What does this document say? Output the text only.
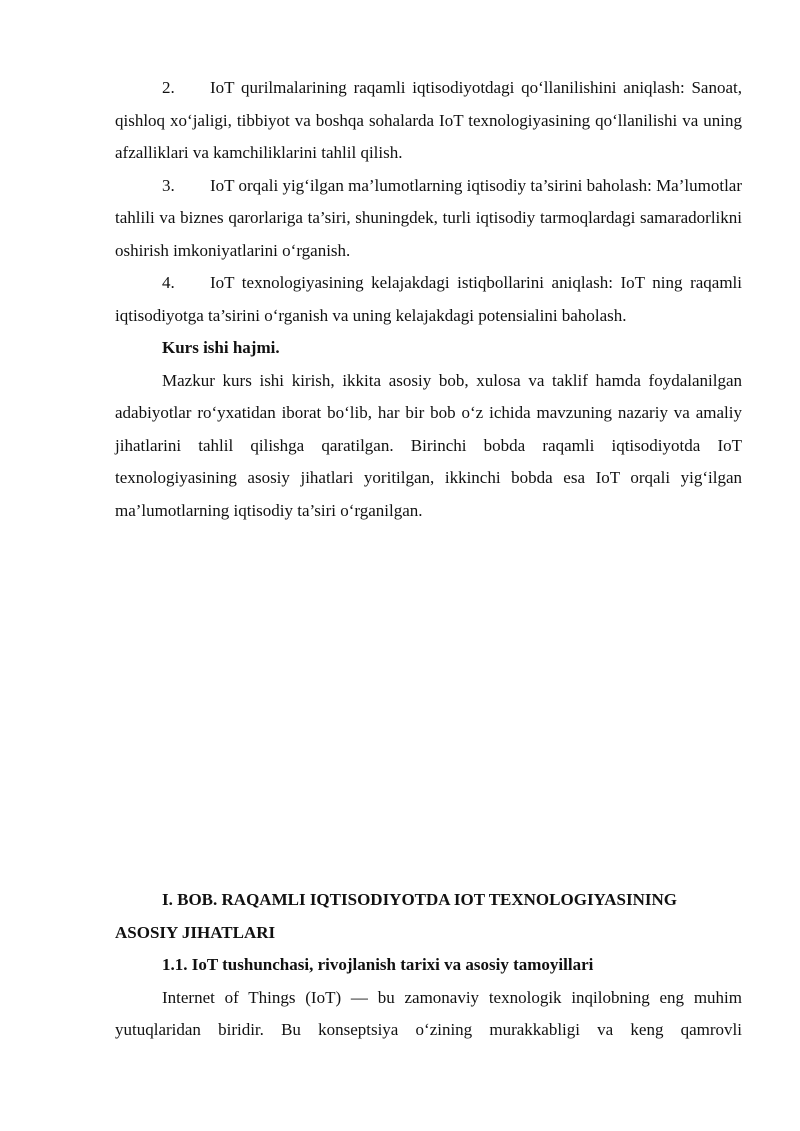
2. IoT qurilmalarining raqamli iqtisodiyotdagi qo‘llanilishini aniqlash: Sanoat, qishloq xo‘jaligi, tibbiyot va boshqa sohalarda IoT texnologiyasining qo‘llanilishi va uning afzalliklari va kamchiliklarini tahlil qilish.

3. IoT orqali yig‘ilgan ma’lumotlarning iqtisodiy ta’sirini baholash: Ma’lumotlar tahlili va biznes qarorlariga ta’siri, shuningdek, turli iqtisodiy tarmoqlardagi samaradorlikni oshirish imkoniyatlarini o‘rganish.

4. IoT texnologiyasining kelajakdagi istiqbollarini aniqlash: IoT ning raqamli iqtisodiyotga ta’sirini o‘rganish va uning kelajakdagi potensialini baholash.

Kurs ishi hajmi.

Mazkur kurs ishi kirish, ikkita asosiy bob, xulosa va taklif hamda foydalanilgan adabiyotlar ro‘yxatidan iborat bo‘lib, har bir bob o‘z ichida mavzuning nazariy va amaliy jihatlarini tahlil qilishga qaratilgan. Birinchi bobda raqamli iqtisodiyotda IoT texnologiyasining asosiy jihatlari yoritilgan, ikkinchi bobda esa IoT orqali yig‘ilgan ma’lumotlarning iqtisodiy ta’siri o‘rganilgan.

I. BOB. RAQAMLI IQTISODIYOTDA IOT TEXNOLOGIYASINING ASOSIY JIHATLARI

1.1. IoT tushunchasi, rivojlanish tarixi va asosiy tamoyillari

Internet of Things (IoT) — bu zamonaviy texnologik inqilobning eng muhim yutuqlaridan biridir. Bu konseptsiya o‘zining murakkabligi va keng qamrovli
